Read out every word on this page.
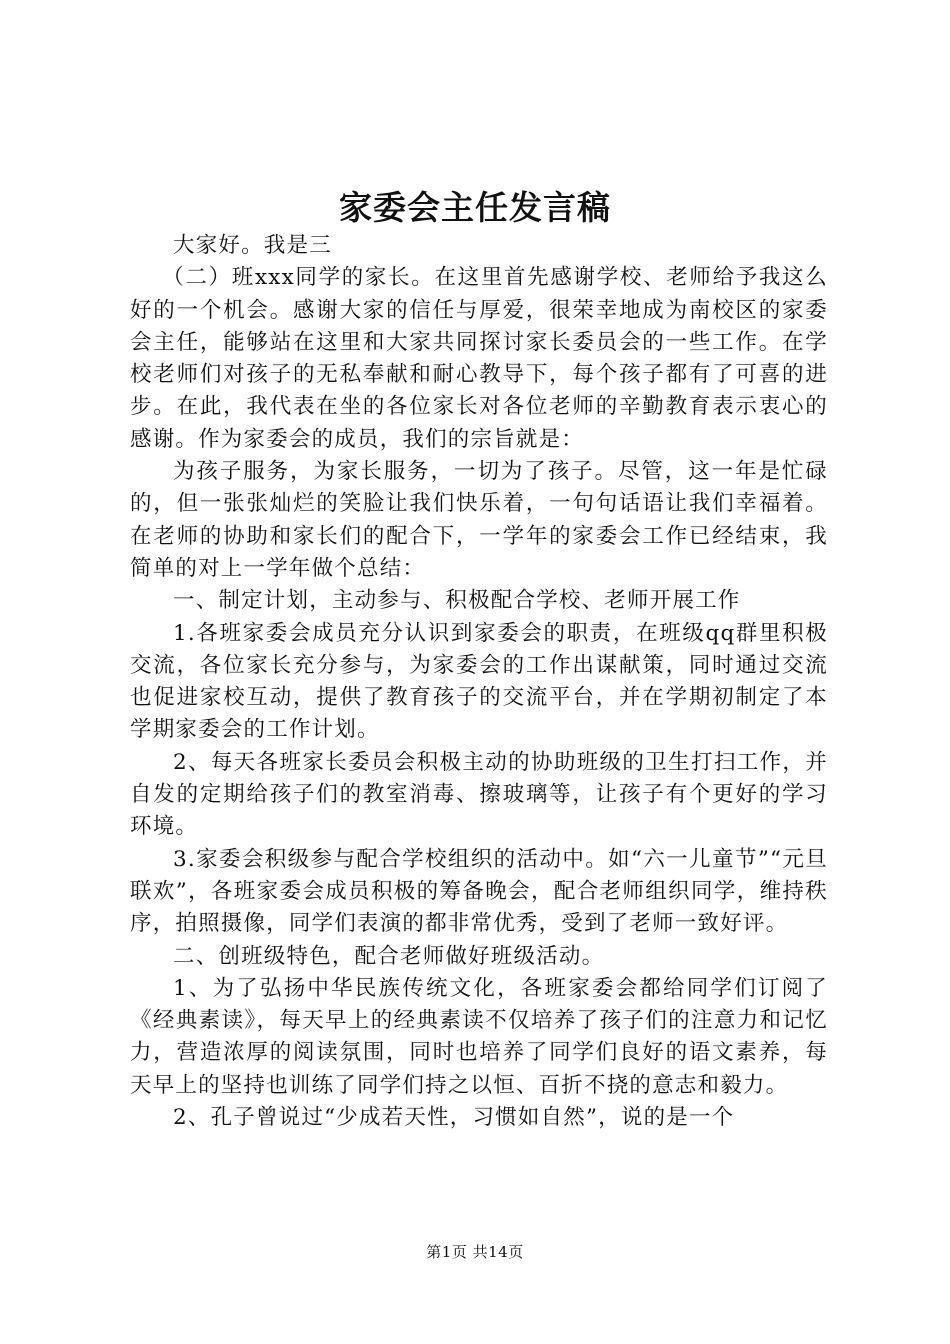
家委会主任发言稿

大家好。我是三

（二）班xxx同学的家长。在这里首先感谢学校、老师给予我这么好的一个机会。感谢大家的信任与厚爱，很荣幸地成为南校区的家委会主任，能够站在这里和大家共同探讨家长委员会的一些工作。在学校老师们对孩子的无私奉献和耐心教导下，每个孩子都有了可喜的进步。在此，我代表在坐的各位家长对各位老师的辛勤教育表示衷心的感谢。作为家委会的成员，我们的宗旨就是：

为孩子服务，为家长服务，一切为了孩子。尽管，这一年是忙碌的，但一张张灿烂的笑脸让我们快乐着，一句句话语让我们幸福着。在老师的协助和家长们的配合下，一学年的家委会工作已经结束，我简单的对上一学年做个总结：

一、制定计划，主动参与、积极配合学校、老师开展工作

1.各班家委会成员充分认识到家委会的职责，在班级qq群里积极交流，各位家长充分参与，为家委会的工作出谋献策，同时通过交流也促进家校互动，提供了教育孩子的交流平台，并在学期初制定了本学期家委会的工作计划。

2、每天各班家长委员会积极主动的协助班级的卫生打扫工作，并自发的定期给孩子们的教室消毒、擦玻璃等，让孩子有个更好的学习环境。

3.家委会积级参与配合学校组织的活动中。如“六一儿童节”“元旦联欢”，各班家委会成员积极的筹备晚会，配合老师组织同学，维持秩序，拍照摄像，同学们表演的都非常优秀，受到了老师一致好评。

二、创班级特色，配合老师做好班级活动。

1、为了弘扬中华民族传统文化，各班家委会都给同学们订阅了《经典素读》，每天早上的经典素读不仅培养了孩子们的注意力和记忆力，营造浓厚的阅读氛围，同时也培养了同学们良好的语文素养，每天早上的坚持也训练了同学们持之以恒、百折不挠的意志和毅力。

2、孔子曾说过“少成若天性，习惯如自然”，说的是一个

第1页 共14页
